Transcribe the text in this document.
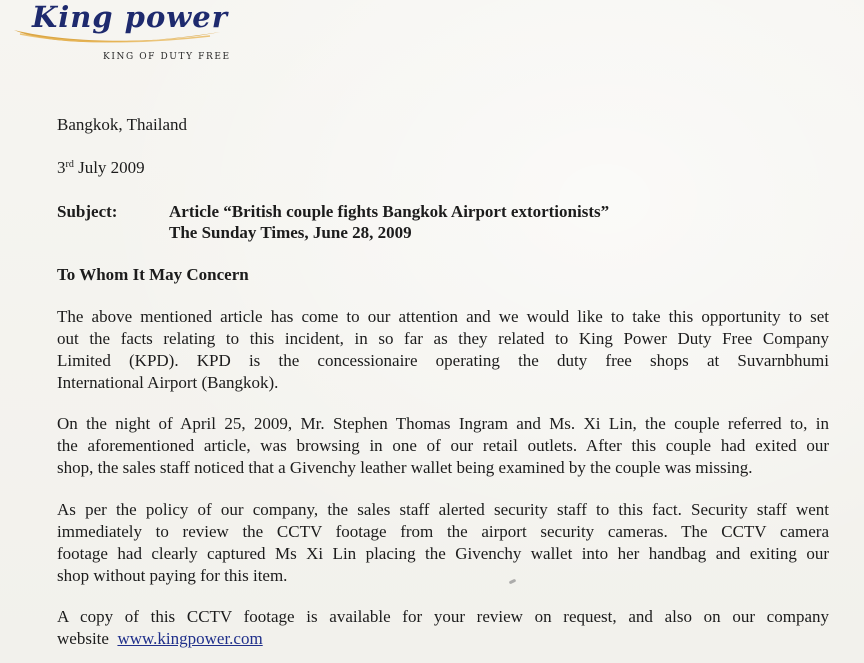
King power
KING OF DUTY FREE
Bangkok, Thailand
3rd July 2009
Subject:	Article “British couple fights Bangkok Airport extortionists”
The Sunday Times, June 28, 2009
To Whom It May Concern
The above mentioned article has come to our attention and we would like to take this opportunity to set
out the facts relating to this incident, in so far as they related to King Power Duty Free Company
Limited (KPD). KPD is the concessionaire operating the duty free shops at Suvarnbhumi
International Airport (Bangkok).
On the night of April 25, 2009, Mr. Stephen Thomas Ingram and Ms. Xi Lin, the couple referred to, in
the aforementioned article, was browsing in one of our retail outlets. After this couple had exited our
shop, the sales staff noticed that a Givenchy leather wallet being examined by the couple was missing.
As per the policy of our company, the sales staff alerted security staff to this fact. Security staff went
immediately to review the CCTV footage from the airport security cameras. The CCTV camera
footage had clearly captured Ms Xi Lin placing the Givenchy wallet into her handbag and exiting our
shop without paying for this item.
A copy of this CCTV footage is available for your review on request, and also on our company
website  www.kingpower.com
